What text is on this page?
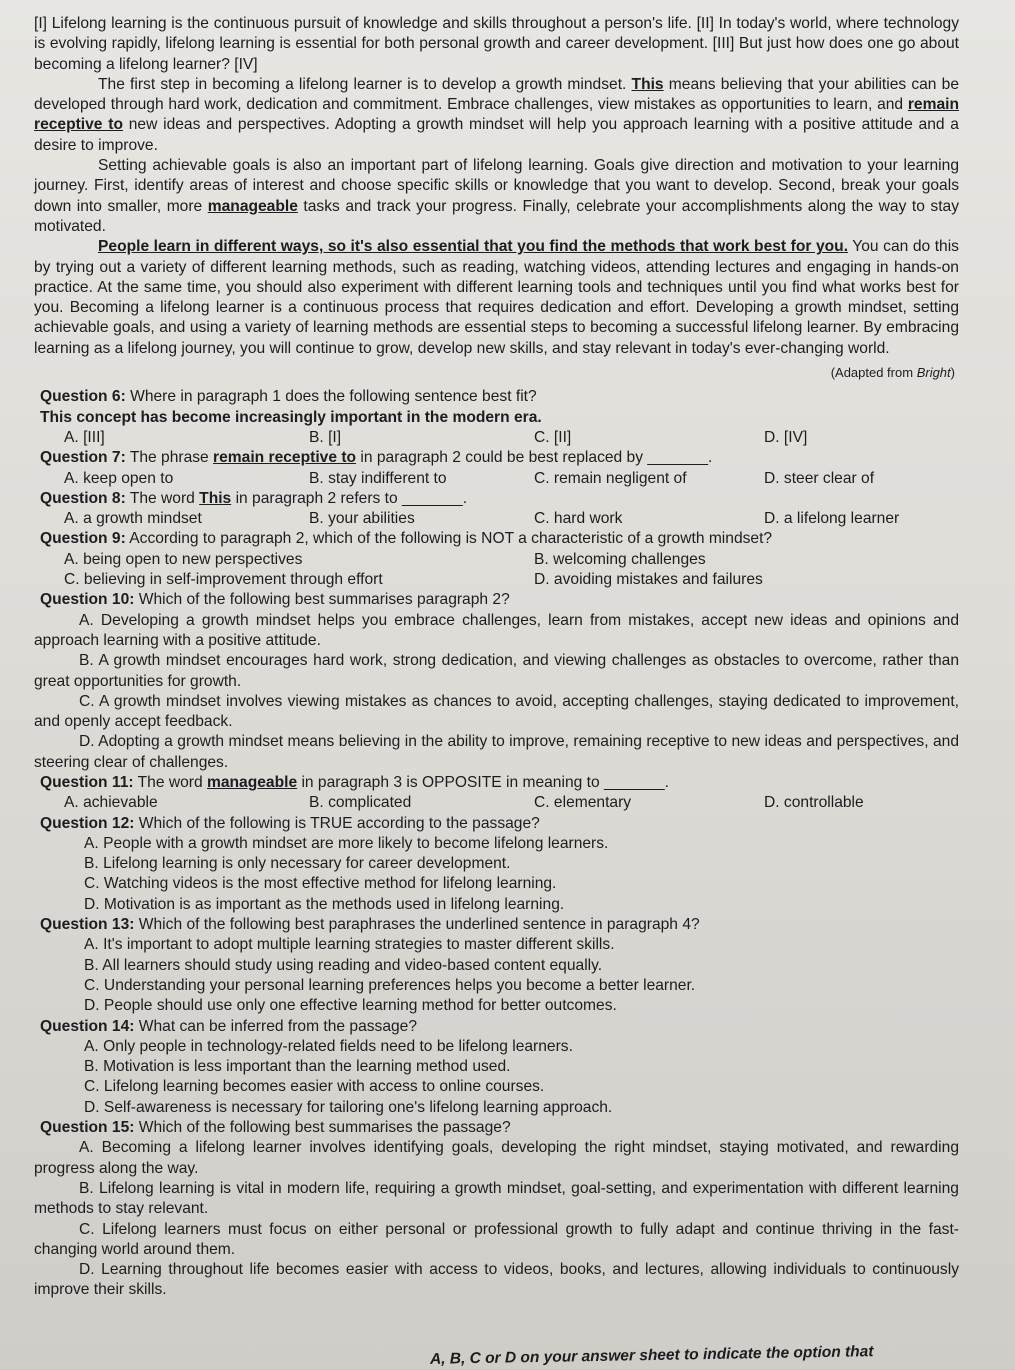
[I] Lifelong learning is the continuous pursuit of knowledge and skills throughout a person's life. [II] In today's world, where technology is evolving rapidly, lifelong learning is essential for both personal growth and career development. [III] But just how does one go about becoming a lifelong learner? [IV]

The first step in becoming a lifelong learner is to develop a growth mindset. This means believing that your abilities can be developed through hard work, dedication and commitment. Embrace challenges, view mistakes as opportunities to learn, and remain receptive to new ideas and perspectives. Adopting a growth mindset will help you approach learning with a positive attitude and a desire to improve.

Setting achievable goals is also an important part of lifelong learning. Goals give direction and motivation to your learning journey. First, identify areas of interest and choose specific skills or knowledge that you want to develop. Second, break your goals down into smaller, more manageable tasks and track your progress. Finally, celebrate your accomplishments along the way to stay motivated.

People learn in different ways, so it's also essential that you find the methods that work best for you. You can do this by trying out a variety of different learning methods, such as reading, watching videos, attending lectures and engaging in hands-on practice. At the same time, you should also experiment with different learning tools and techniques until you find what works best for you. Becoming a lifelong learner is a continuous process that requires dedication and effort. Developing a growth mindset, setting achievable goals, and using a variety of learning methods are essential steps to becoming a successful lifelong learner. By embracing learning as a lifelong journey, you will continue to grow, develop new skills, and stay relevant in today's ever-changing world.

(Adapted from Bright)

Question 6: Where in paragraph 1 does the following sentence best fit?

This concept has become increasingly important in the modern era.

A. [III]	B. [I]	C. [II]	D. [IV]

Question 7: The phrase remain receptive to in paragraph 2 could be best replaced by _______.

A. keep open to	B. stay indifferent to	C. remain negligent of	D. steer clear of

Question 8: The word This in paragraph 2 refers to _______.

A. a growth mindset	B. your abilities	C. hard work	D. a lifelong learner

Question 9: According to paragraph 2, which of the following is NOT a characteristic of a growth mindset?

A. being open to new perspectives	B. welcoming challenges
C. believing in self-improvement through effort	D. avoiding mistakes and failures

Question 10: Which of the following best summarises paragraph 2?

A. Developing a growth mindset helps you embrace challenges, learn from mistakes, accept new ideas and opinions and approach learning with a positive attitude.

B. A growth mindset encourages hard work, strong dedication, and viewing challenges as obstacles to overcome, rather than great opportunities for growth.

C. A growth mindset involves viewing mistakes as chances to avoid, accepting challenges, staying dedicated to improvement, and openly accept feedback.

D. Adopting a growth mindset means believing in the ability to improve, remaining receptive to new ideas and perspectives, and steering clear of challenges.

Question 11: The word manageable in paragraph 3 is OPPOSITE in meaning to _______.

A. achievable	B. complicated	C. elementary	D. controllable

Question 12: Which of the following is TRUE according to the passage?

A. People with a growth mindset are more likely to become lifelong learners.

B. Lifelong learning is only necessary for career development.

C. Watching videos is the most effective method for lifelong learning.

D. Motivation is as important as the methods used in lifelong learning.

Question 13: Which of the following best paraphrases the underlined sentence in paragraph 4?

A. It's important to adopt multiple learning strategies to master different skills.

B. All learners should study using reading and video-based content equally.

C. Understanding your personal learning preferences helps you become a better learner.

D. People should use only one effective learning method for better outcomes.

Question 14: What can be inferred from the passage?

A. Only people in technology-related fields need to be lifelong learners.

B. Motivation is less important than the learning method used.

C. Lifelong learning becomes easier with access to online courses.

D. Self-awareness is necessary for tailoring one's lifelong learning approach.

Question 15: Which of the following best summarises the passage?

A. Becoming a lifelong learner involves identifying goals, developing the right mindset, staying motivated, and rewarding progress along the way.

B. Lifelong learning is vital in modern life, requiring a growth mindset, goal-setting, and experimentation with different learning methods to stay relevant.

C. Lifelong learners must focus on either personal or professional growth to fully adapt and continue thriving in the fast-changing world around them.

D. Learning throughout life becomes easier with access to videos, books, and lectures, allowing individuals to continuously improve their skills.

A, B, C or D on your answer sheet to indicate the option that
